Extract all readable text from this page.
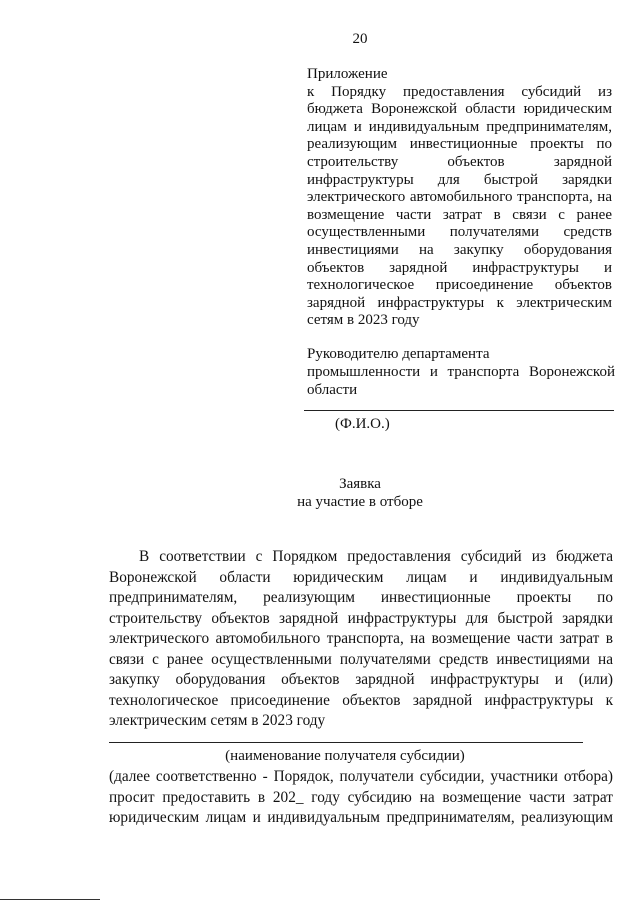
20
Приложение
к Порядку предоставления субсидий из бюджета Воронежской области юридическим лицам и индивидуальным предпринимателям, реализующим инвестиционные проекты по строительству объектов зарядной инфраструктуры для быстрой зарядки электрического автомобильного транспорта, на возмещение части затрат в связи с ранее осуществленными получателями средств инвестициями на закупку оборудования объектов зарядной инфраструктуры и технологическое присоединение объектов зарядной инфраструктуры к электрическим сетям в 2023 году
Руководителю департамента
промышленности и транспорта Воронежской
области
(Ф.И.О.)
Заявка
на участие в отборе
В соответствии с Порядком предоставления субсидий из бюджета Воронежской области юридическим лицам и индивидуальным предпринимателям, реализующим инвестиционные проекты по строительству объектов зарядной инфраструктуры для быстрой зарядки электрического автомобильного транспорта, на возмещение части затрат в связи с ранее осуществленными получателями средств инвестициями на закупку оборудования объектов зарядной инфраструктуры и (или) технологическое присоединение объектов зарядной инфраструктуры к электрическим сетям в 2023 году
(наименование получателя субсидии)
(далее соответственно - Порядок, получатели субсидии, участники отбора)
просит предоставить в 202_ году субсидию на возмещение части затрат
юридическим лицам и индивидуальным предпринимателям, реализующим
